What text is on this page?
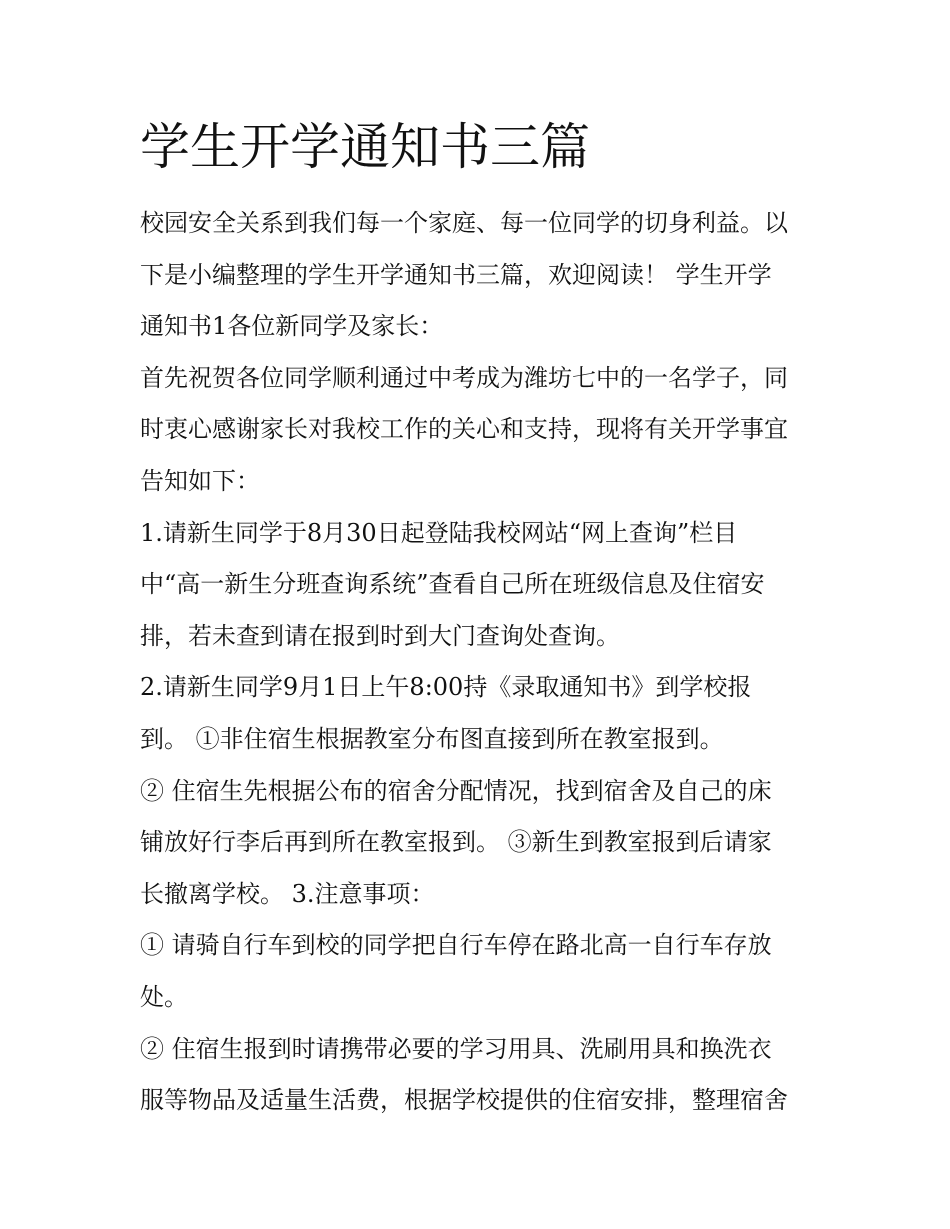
学生开学通知书三篇

校园安全关系到我们每一个家庭、每一位同学的切身利益。以

下是小编整理的学生开学通知书三篇，欢迎阅读！ 学生开学

通知书1各位新同学及家长：

首先祝贺各位同学顺利通过中考成为潍坊七中的一名学子，同

时衷心感谢家长对我校工作的关心和支持，现将有关开学事宜

告知如下：

1.请新生同学于8月30日起登陆我校网站“网上查询”栏目

中“高一新生分班查询系统”查看自己所在班级信息及住宿安

排，若未查到请在报到时到大门查询处查询。

2.请新生同学9月1日上午8:00持《录取通知书》到学校报

到。 ①非住宿生根据教室分布图直接到所在教室报到。

② 住宿生先根据公布的宿舍分配情况，找到宿舍及自己的床

铺放好行李后再到所在教室报到。 ③新生到教室报到后请家

长撤离学校。 3.注意事项：

① 请骑自行车到校的同学把自行车停在路北高一自行车存放

处。

② 住宿生报到时请携带必要的学习用具、洗刷用具和换洗衣

服等物品及适量生活费，根据学校提供的住宿安排，整理宿舍
